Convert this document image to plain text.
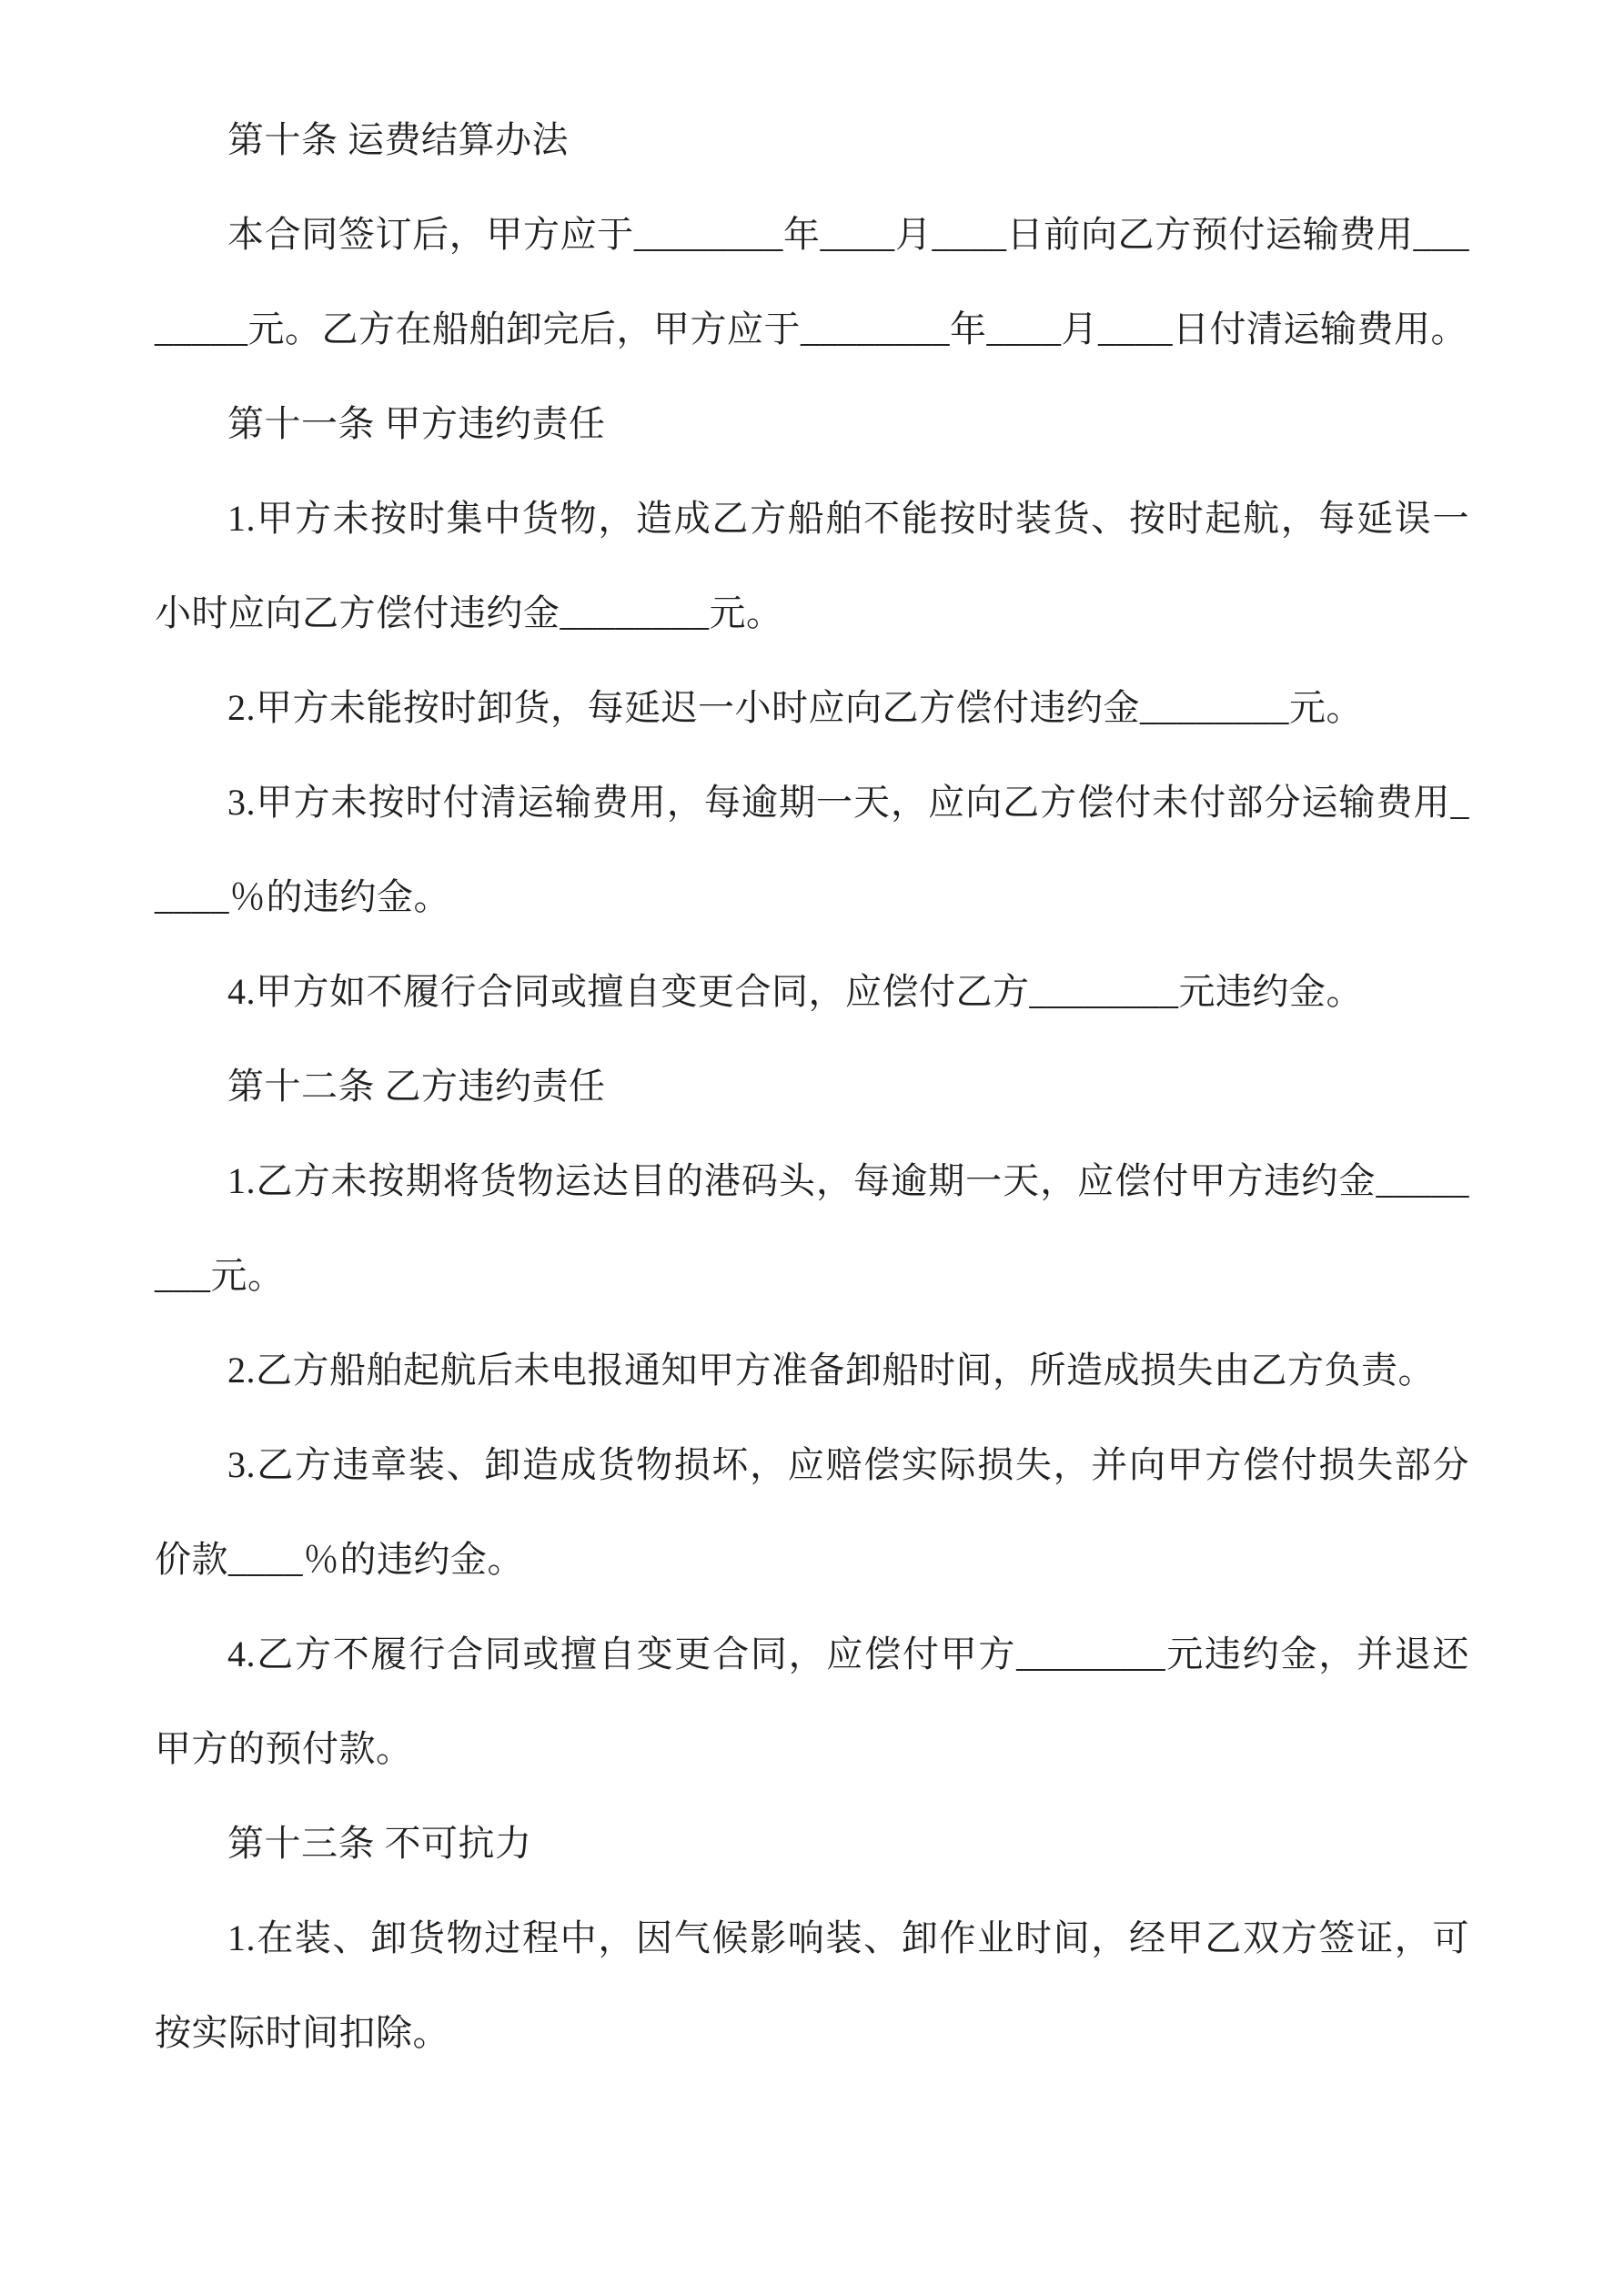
第十条 运费结算办法

本合同签订后，甲方应于________年____月____日前向乙方预付运输费用________元。乙方在船舶卸完后，甲方应于________年____月____日付清运输费用。

第十一条 甲方违约责任

1.甲方未按时集中货物，造成乙方船舶不能按时装货、按时起航，每延误一小时应向乙方偿付违约金________元。

2.甲方未能按时卸货，每延迟一小时应向乙方偿付违约金________元。

3.甲方未按时付清运输费用，每逾期一天，应向乙方偿付未付部分运输费用_____％的违约金。

4.甲方如不履行合同或擅自变更合同，应偿付乙方________元违约金。

第十二条 乙方违约责任

1.乙方未按期将货物运达目的港码头，每逾期一天，应偿付甲方违约金________元。

2.乙方船舶起航后未电报通知甲方准备卸船时间，所造成损失由乙方负责。

3.乙方违章装、卸造成货物损坏，应赔偿实际损失，并向甲方偿付损失部分价款____％的违约金。

4.乙方不履行合同或擅自变更合同，应偿付甲方________元违约金，并退还甲方的预付款。

第十三条 不可抗力

1.在装、卸货物过程中，因气候影响装、卸作业时间，经甲乙双方签证，可按实际时间扣除。
